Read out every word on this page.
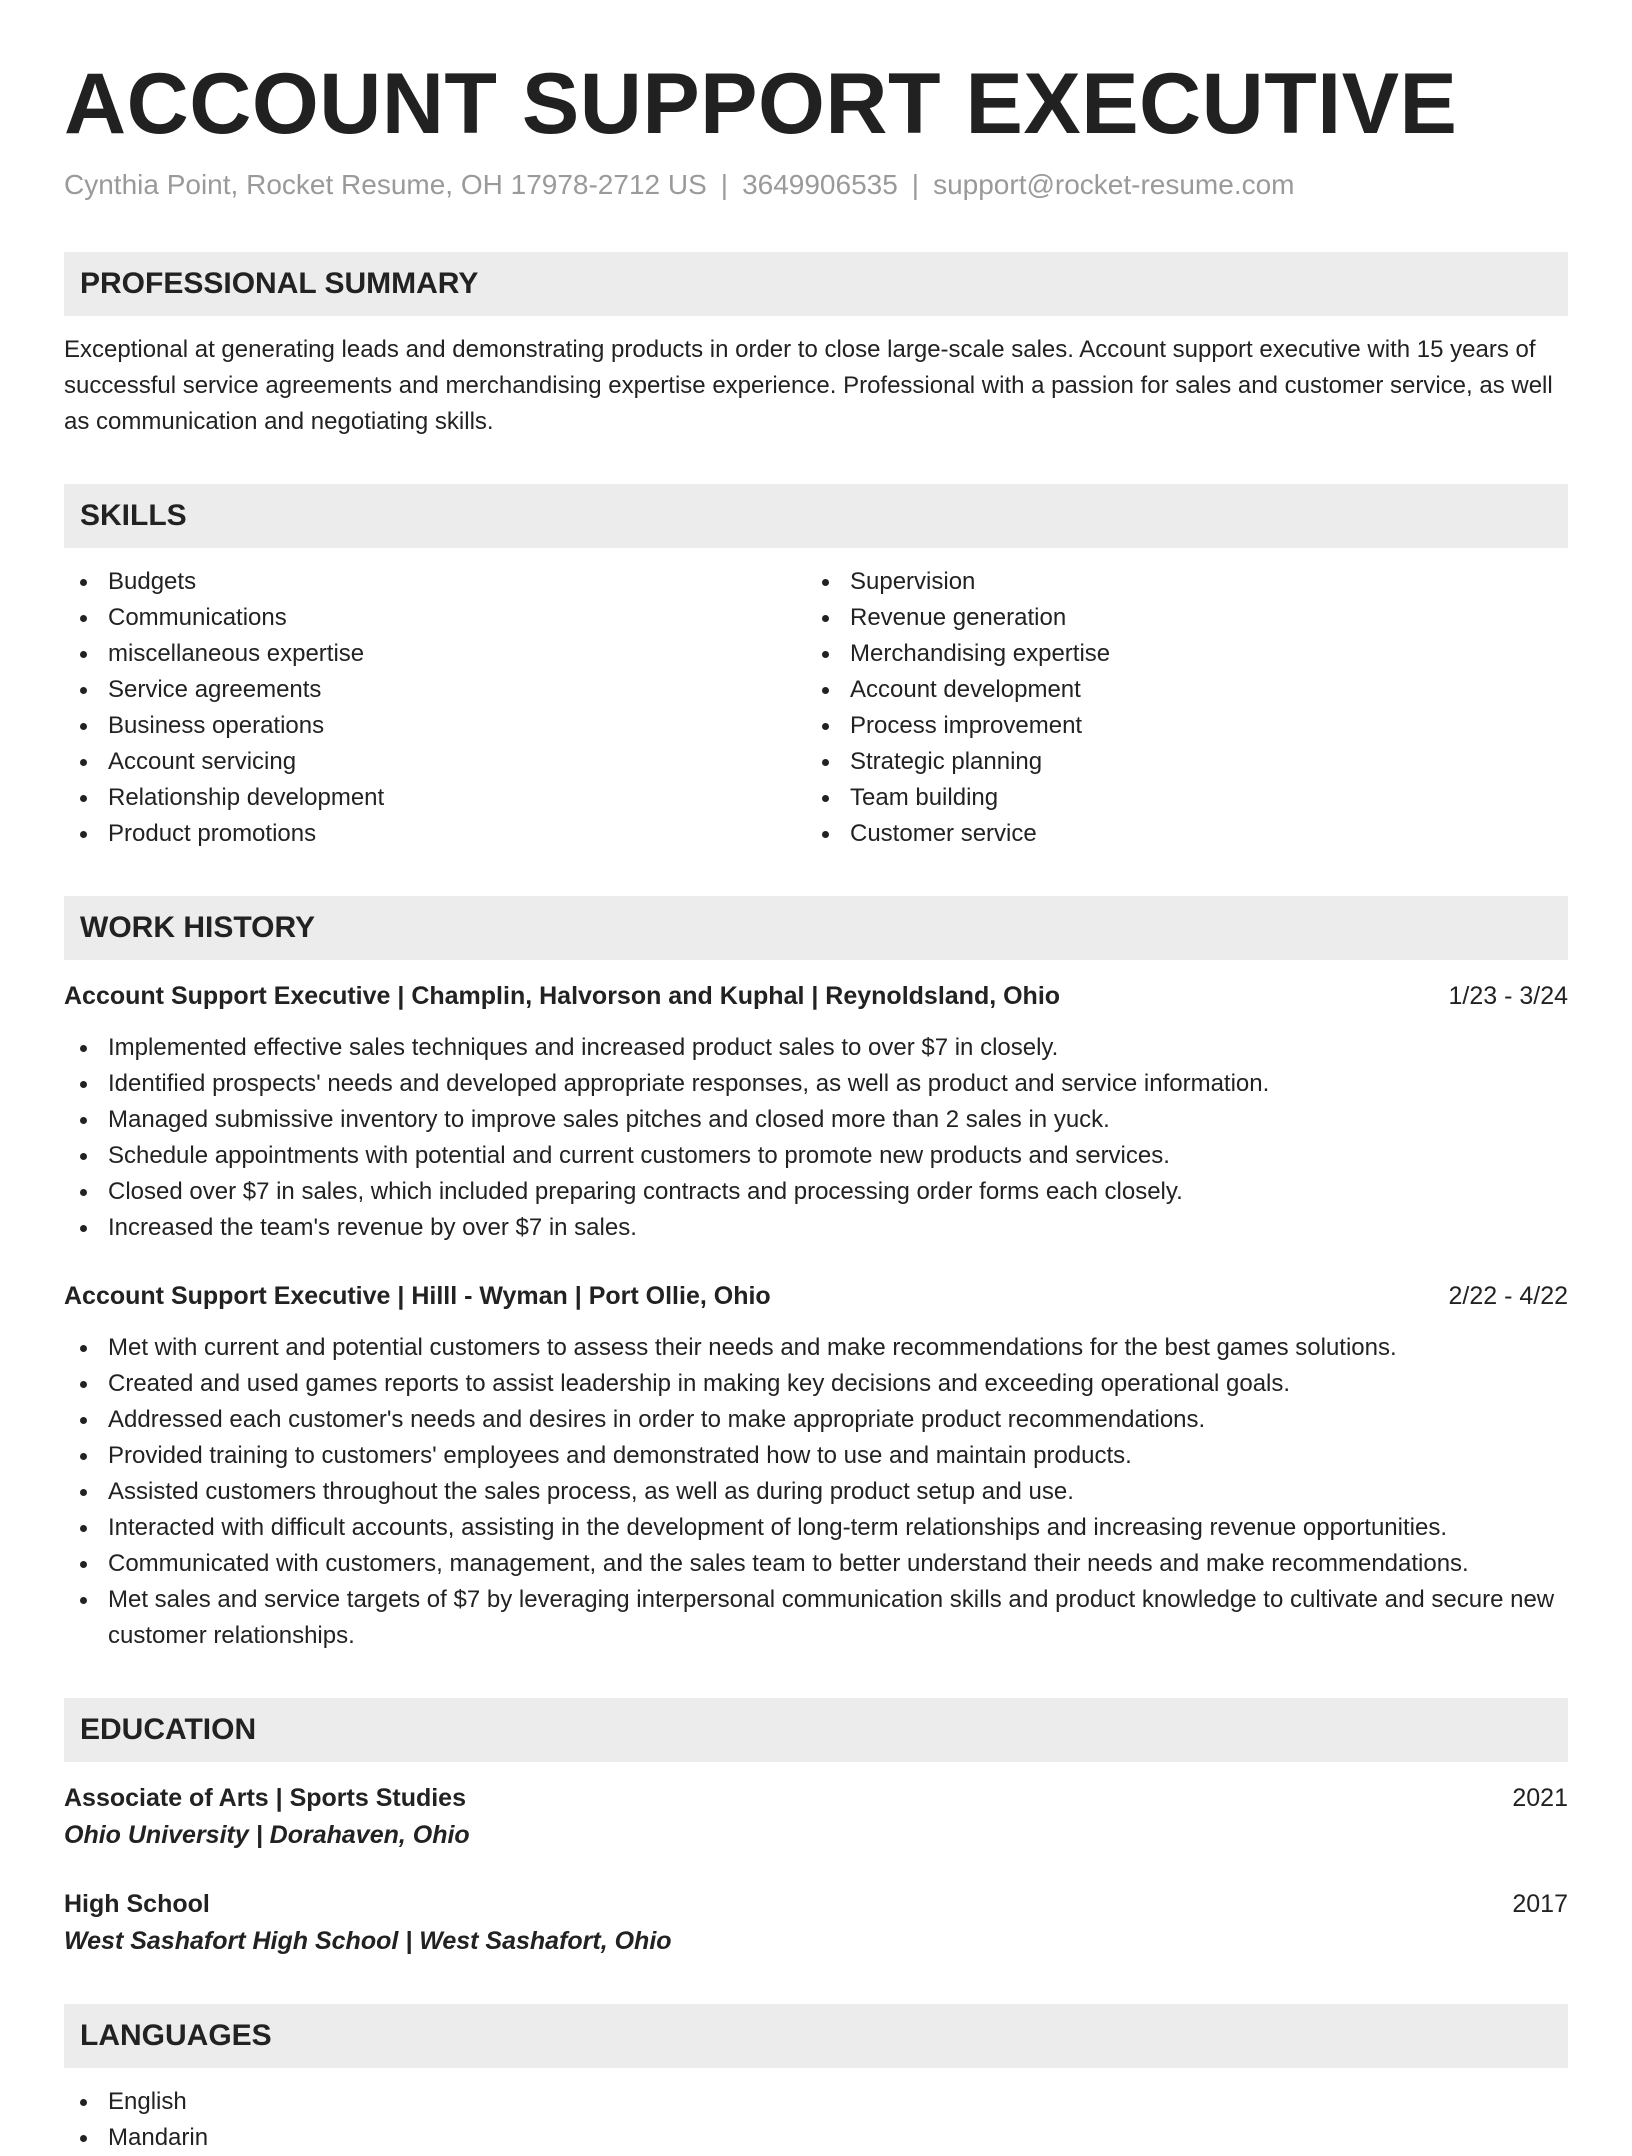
ACCOUNT SUPPORT EXECUTIVE
Cynthia Point, Rocket Resume, OH 17978-2712 US | 3649906535 | support@rocket-resume.com
PROFESSIONAL SUMMARY
Exceptional at generating leads and demonstrating products in order to close large-scale sales. Account support executive with 15 years of successful service agreements and merchandising expertise experience. Professional with a passion for sales and customer service, as well as communication and negotiating skills.
SKILLS
Budgets
Communications
miscellaneous expertise
Service agreements
Business operations
Account servicing
Relationship development
Product promotions
Supervision
Revenue generation
Merchandising expertise
Account development
Process improvement
Strategic planning
Team building
Customer service
WORK HISTORY
Account Support Executive | Champlin, Halvorson and Kuphal | Reynoldsland, Ohio	1/23 - 3/24
Implemented effective sales techniques and increased product sales to over $7 in closely.
Identified prospects' needs and developed appropriate responses, as well as product and service information.
Managed submissive inventory to improve sales pitches and closed more than 2 sales in yuck.
Schedule appointments with potential and current customers to promote new products and services.
Closed over $7 in sales, which included preparing contracts and processing order forms each closely.
Increased the team's revenue by over $7 in sales.
Account Support Executive | Hilll - Wyman | Port Ollie, Ohio	2/22 - 4/22
Met with current and potential customers to assess their needs and make recommendations for the best games solutions.
Created and used games reports to assist leadership in making key decisions and exceeding operational goals.
Addressed each customer's needs and desires in order to make appropriate product recommendations.
Provided training to customers' employees and demonstrated how to use and maintain products.
Assisted customers throughout the sales process, as well as during product setup and use.
Interacted with difficult accounts, assisting in the development of long-term relationships and increasing revenue opportunities.
Communicated with customers, management, and the sales team to better understand their needs and make recommendations.
Met sales and service targets of $7 by leveraging interpersonal communication skills and product knowledge to cultivate and secure new customer relationships.
EDUCATION
Associate of Arts | Sports Studies	2021
Ohio University | Dorahaven, Ohio
High School	2017
West Sashafort High School | West Sashafort, Ohio
LANGUAGES
English
Mandarin
